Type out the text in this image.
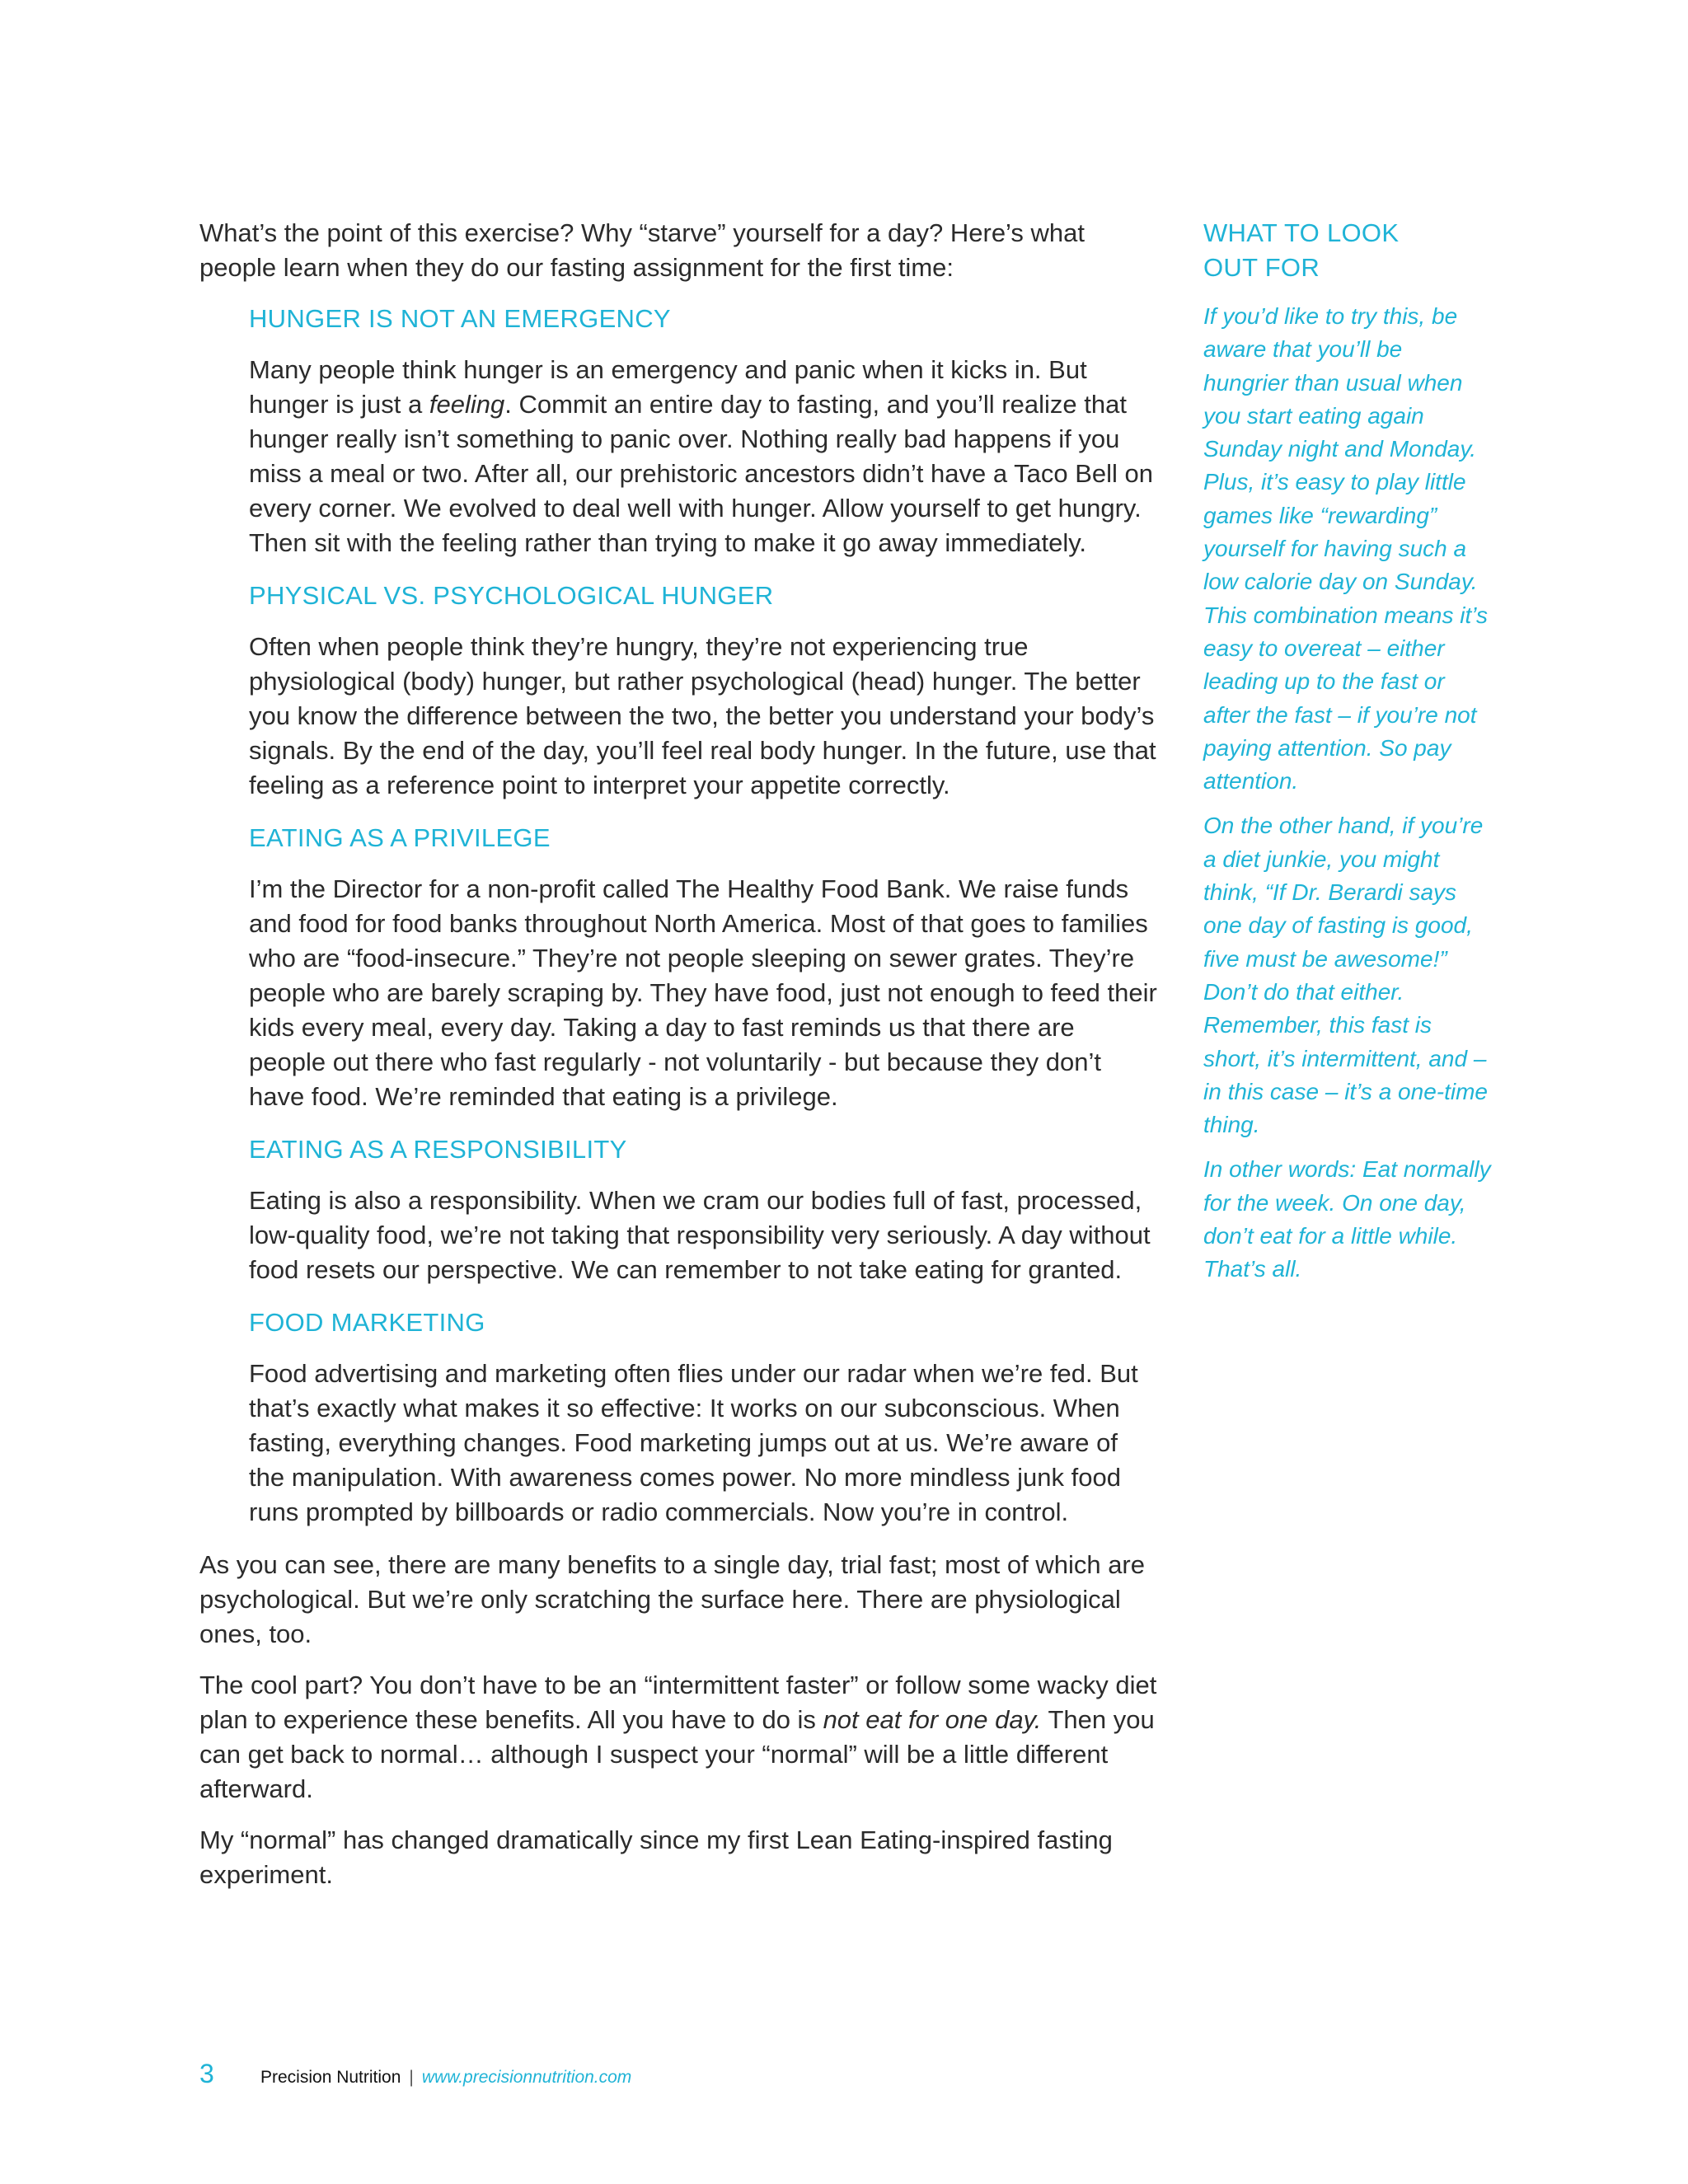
What’s the point of this exercise? Why “starve” yourself for a day? Here’s what people learn when they do our fasting assignment for the first time:

HUNGER IS NOT AN EMERGENCY

Many people think hunger is an emergency and panic when it kicks in. But hunger is just a feeling. Commit an entire day to fasting, and you’ll realize that hunger really isn’t something to panic over. Nothing really bad happens if you miss a meal or two. After all, our prehistoric ancestors didn’t have a Taco Bell on every corner. We evolved to deal well with hunger. Allow yourself to get hungry. Then sit with the feeling rather than trying to make it go away immediately.

PHYSICAL VS. PSYCHOLOGICAL HUNGER

Often when people think they’re hungry, they’re not experiencing true physiological (body) hunger, but rather psychological (head) hunger. The better you know the difference between the two, the better you understand your body’s signals. By the end of the day, you’ll feel real body hunger. In the future, use that feeling as a reference point to interpret your appetite correctly.

EATING AS A PRIVILEGE

I’m the Director for a non-profit called The Healthy Food Bank. We raise funds and food for food banks throughout North America. Most of that goes to families who are “food-insecure.” They’re not people sleeping on sewer grates. They’re people who are barely scraping by. They have food, just not enough to feed their kids every meal, every day. Taking a day to fast reminds us that there are people out there who fast regularly - not voluntarily - but because they don’t have food. We’re reminded that eating is a privilege.

EATING AS A RESPONSIBILITY

Eating is also a responsibility. When we cram our bodies full of fast, processed, low-quality food, we’re not taking that responsibility very seriously. A day without food resets our perspective. We can remember to not take eating for granted.

FOOD MARKETING

Food advertising and marketing often flies under our radar when we’re fed. But that’s exactly what makes it so effective: It works on our subconscious. When fasting, everything changes. Food marketing jumps out at us. We’re aware of the manipulation. With awareness comes power. No more mindless junk food runs prompted by billboards or radio commercials. Now you’re in control.

As you can see, there are many benefits to a single day, trial fast; most of which are psychological. But we’re only scratching the surface here. There are physiological ones, too.

The cool part? You don’t have to be an “intermittent faster” or follow some wacky diet plan to experience these benefits. All you have to do is not eat for one day. Then you can get back to normal… although I suspect your “normal” will be a little different afterward.

My “normal” has changed dramatically since my first Lean Eating-inspired fasting experiment.

WHAT TO LOOK
OUT FOR

If you’d like to try this, be aware that you’ll be hungrier than usual when you start eating again Sunday night and Monday. Plus, it’s easy to play little games like “rewarding” yourself for having such a low calorie day on Sunday. This combination means it’s easy to overeat – either leading up to the fast or after the fast – if you’re not paying attention. So pay attention.

On the other hand, if you’re a diet junkie, you might think, “If Dr. Berardi says one day of fasting is good, five must be awesome!” Don’t do that either. Remember, this fast is short, it’s intermittent, and – in this case – it’s a one-time thing.

In other words: Eat normally for the week. On one day, don’t eat for a little while. That’s all.

3	Precision Nutrition | www.precisionnutrition.com
